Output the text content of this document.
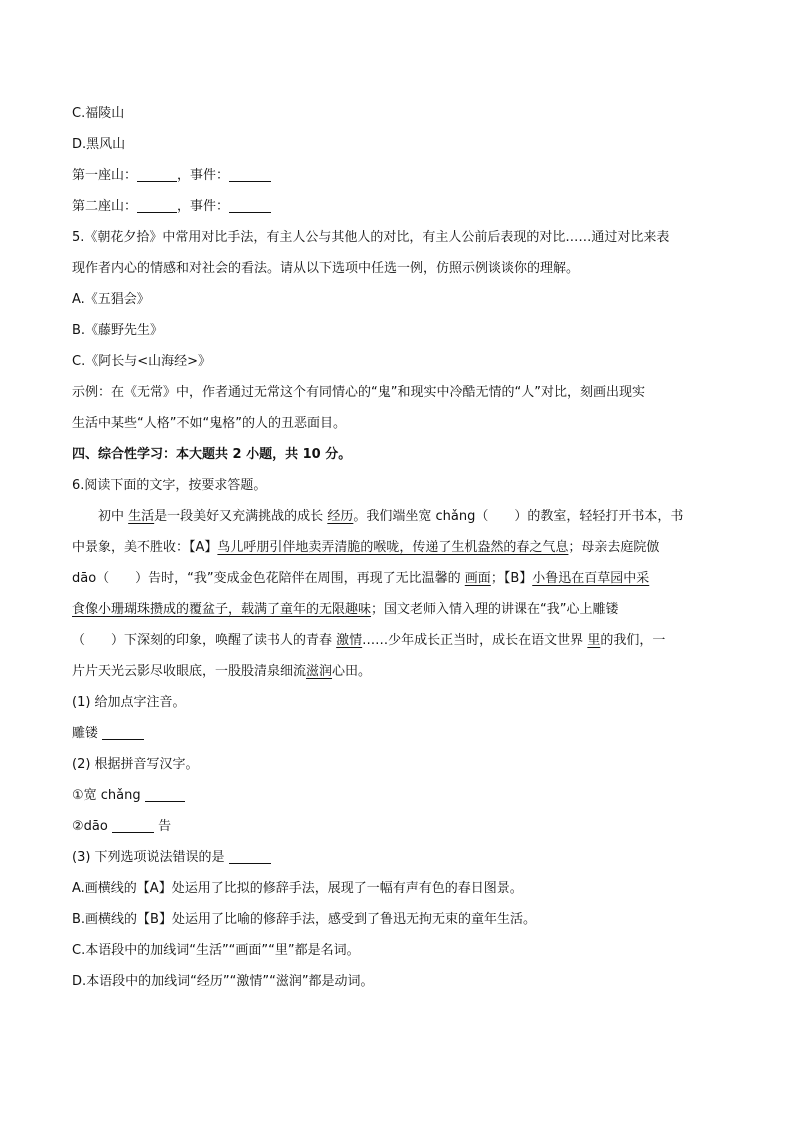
C.福陵山
D.黑风山
第一座山：	，事件：
第二座山：	，事件：
5.《朝花夕拾》中常用对比手法，有主人公与其他人的对比，有主人公前后表现的对比……通过对比来表
现作者内心的情感和对社会的看法。请从以下选项中任选一例，仿照示例谈谈你的理解。
A.《五猖会》
B.《藤野先生》
C.《阿长与<山海经>》
示例：在《无常》中，作者通过无常这个有同情心的“鬼”和现实中冷酷无情的“人”对比，刻画出现实
生活中某些“人格”不如“鬼格”的人的丑恶面目。
四、综合性学习：本大题共 2 小题，共 10 分。
6.阅读下面的文字，按要求答题。
初中 生活是一段美好又充满挑战的成长 经历。我们端坐宽 chǎng（　　）的教室，轻轻打开书本，书
中景象，美不胜收：【A】鸟儿呼朋引伴地卖弄清脆的喉咙，传递了生机盎然的春之气息；母亲去庭院倣
dāo（　　）告时，“我”变成金色花陪伴在周围，再现了无比温馨的 画面；【B】小鲁迅在百草园中采
食像小珊瑚珠攒成的覆盆子，载满了童年的无限趣味；国文老师入情入理的讲课在“我”心上雕镂
（　　）下深刻的印象，唤醒了读书人的青春 激情……少年成长正当时，成长在语文世界 里的我们，一
片片天光云影尽收眼底，一股股清泉细流滋润心田。
(1) 给加点字注音。
雕镂
(2) 根据拼音写汉字。
①宽 chǎng
②dāo	告
(3) 下列选项说法错误的是
A.画横线的【A】处运用了比拟的修辞手法，展现了一幅有声有色的春日图景。
B.画横线的【B】处运用了比喻的修辞手法，感受到了鲁迅无拘无束的童年生活。
C.本语段中的加线词“生活”“画面”“里”都是名词。
D.本语段中的加线词“经历”“激情”“滋润”都是动词。
